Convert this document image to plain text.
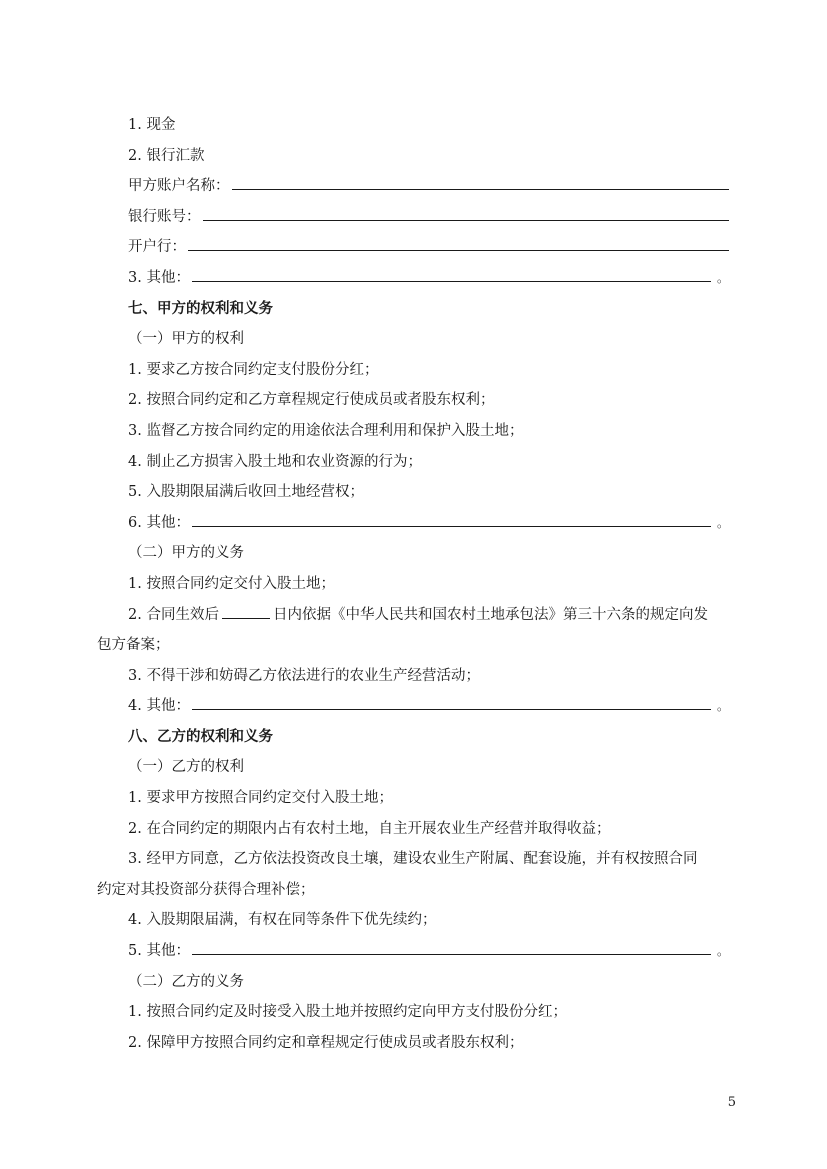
1. 现金
2. 银行汇款
甲方账户名称：
银行账号：
开户行：
3. 其他：	。
七、甲方的权利和义务
（一）甲方的权利
1. 要求乙方按合同约定支付股份分红；
2. 按照合同约定和乙方章程规定行使成员或者股东权利；
3. 监督乙方按合同约定的用途依法合理利用和保护入股土地；
4. 制止乙方损害入股土地和农业资源的行为；
5. 入股期限届满后收回土地经营权；
6. 其他：	。
（二）甲方的义务
1. 按照合同约定交付入股土地；
2. 合同生效后	日内依据《中华人民共和国农村土地承包法》第三十六条的规定向发
包方备案；
3. 不得干涉和妨碍乙方依法进行的农业生产经营活动；
4. 其他：	。
八、乙方的权利和义务
（一）乙方的权利
1. 要求甲方按照合同约定交付入股土地；
2. 在合同约定的期限内占有农村土地，自主开展农业生产经营并取得收益；
3. 经甲方同意，乙方依法投资改良土壤，建设农业生产附属、配套设施，并有权按照合同
约定对其投资部分获得合理补偿；
4. 入股期限届满，有权在同等条件下优先续约；
5. 其他：	。
（二）乙方的义务
1. 按照合同约定及时接受入股土地并按照约定向甲方支付股份分红；
2. 保障甲方按照合同约定和章程规定行使成员或者股东权利；
5
